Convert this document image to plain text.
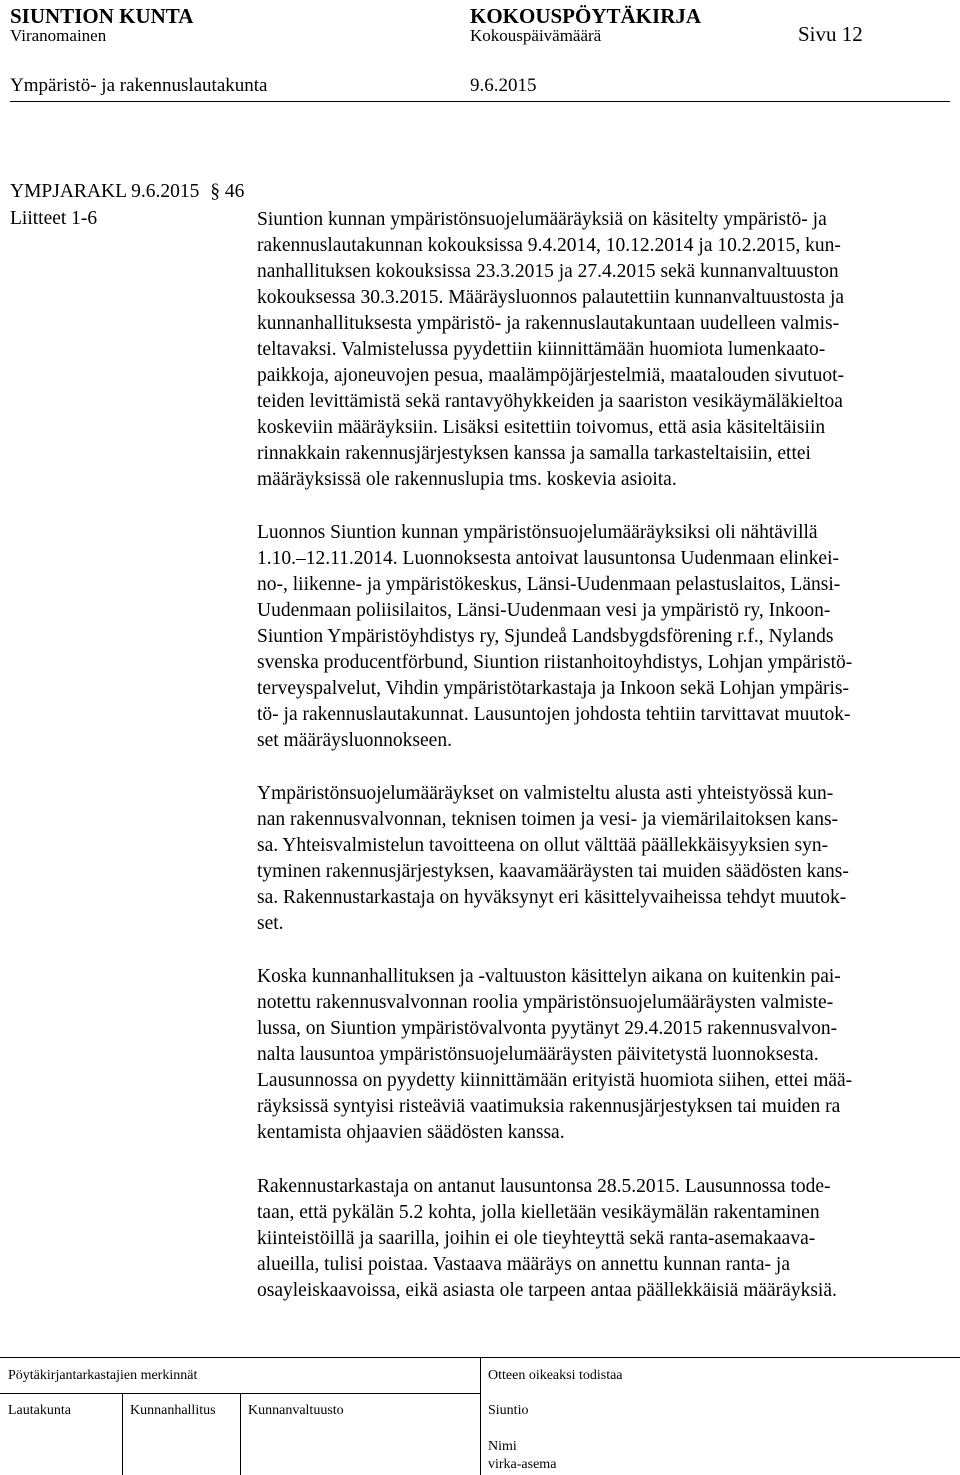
SIUNTION KUNTA	KOKOUSPÖYTÄKIRJA
Viranomainen	Kokouspäivämäärä	Sivu 12
Ympäristö- ja rakennuslautakunta	9.6.2015
YMPJARAKL 9.6.2015 § 46
Liitteet 1-6	Siuntion kunnan ympäristönsuojelumääräyksiä on käsitelty ympäristö- ja
rakennuslautakunnan kokouksissa 9.4.2014, 10.12.2014 ja 10.2.2015, kun-
nanhallituksen kokouksissa 23.3.2015 ja 27.4.2015 sekä kunnanvaltuuston
kokouksessa 30.3.2015. Määräysluonnos palautettiin kunnanvaltuustosta ja
kunnanhallituksesta ympäristö- ja rakennuslautakuntaan uudelleen valmis-
teltavaksi. Valmistelussa pyydettiin kiinnittämään huomiota lumenkaato-
paikkoja, ajoneuvojen pesua, maalämpöjärjestelmiä, maatalouden sivutuot-
teiden levittämistä sekä rantavyöhykkeiden ja saariston vesikäymäläkieltoa
koskeviin määräyksiin. Lisäksi esitettiin toivomus, että asia käsiteltäisiin
rinnakkain rakennusjärjestyksen kanssa ja samalla tarkasteltaisiin, ettei
määräyksissä ole rakennuslupia tms. koskevia asioita.
Luonnos Siuntion kunnan ympäristönsuojelumääräyksiksi oli nähtävillä
1.10.–12.11.2014. Luonnoksesta antoivat lausuntonsa Uudenmaan elinkei-
no-, liikenne- ja ympäristökeskus, Länsi-Uudenmaan pelastuslaitos, Länsi-
Uudenmaan poliisilaitos, Länsi-Uudenmaan vesi ja ympäristö ry, Inkoon-
Siuntion Ympäristöyhdistys ry, Sjundeå Landsbygdsförening r.f., Nylands
svenska producentförbund, Siuntion riistanhoitoyhdistys, Lohjan ympäristö-
terveyspalvelut, Vihdin ympäristötarkastaja ja Inkoon sekä Lohjan ympäris-
tö- ja rakennuslautakunnat. Lausuntojen johdosta tehtiin tarvittavat muutok-
set määräysluonnokseen.
Ympäristönsuojelumääräykset on valmisteltu alusta asti yhteistyössä kun-
nan rakennusvalvonnan, teknisen toimen ja vesi- ja viemärilaitoksen kans-
sa. Yhteisvalmistelun tavoitteena on ollut välttää päällekkäisyyksien syn-
tyminen rakennusjärjestyksen, kaavamääräysten tai muiden säädösten kans-
sa. Rakennustarkastaja on hyväksynyt eri käsittelyvaiheissa tehdyt muutok-
set.
Koska kunnanhallituksen ja -valtuuston käsittelyn aikana on kuitenkin pai-
notettu rakennusvalvonnan roolia ympäristönsuojelumääräysten valmiste-
lussa, on Siuntion ympäristövalvonta pyytänyt 29.4.2015 rakennusvalvon-
nalta lausuntoa ympäristönsuojelumääräysten päivitetystä luonnoksesta.
Lausunnossa on pyydetty kiinnittämään erityistä huomiota siihen, ettei mää-
räyksissä syntyisi risteäviä vaatimuksia rakennusjärjestyksen tai muiden ra
kentamista ohjaavien säädösten kanssa.
Rakennustarkastaja on antanut lausuntonsa 28.5.2015. Lausunnossa tode-
taan, että pykälän 5.2 kohta, jolla kielletään vesikäymälän rakentaminen
kiinteistöillä ja saarilla, joihin ei ole tieyhteyttä sekä ranta-asemakaava-
alueilla, tulisi poistaa. Vastaava määräys on annettu kunnan ranta- ja
osayleiskaavoissa, eikä asiasta ole tarpeen antaa päällekkäisiä määräyksiä.
Pöytäkirjantarkastajien merkinnät	Otteen oikeaksi todistaa
Lautakunta	Kunnanhallitus Kunnanvaltuusto	Siuntio
Nimi
virka-asema
